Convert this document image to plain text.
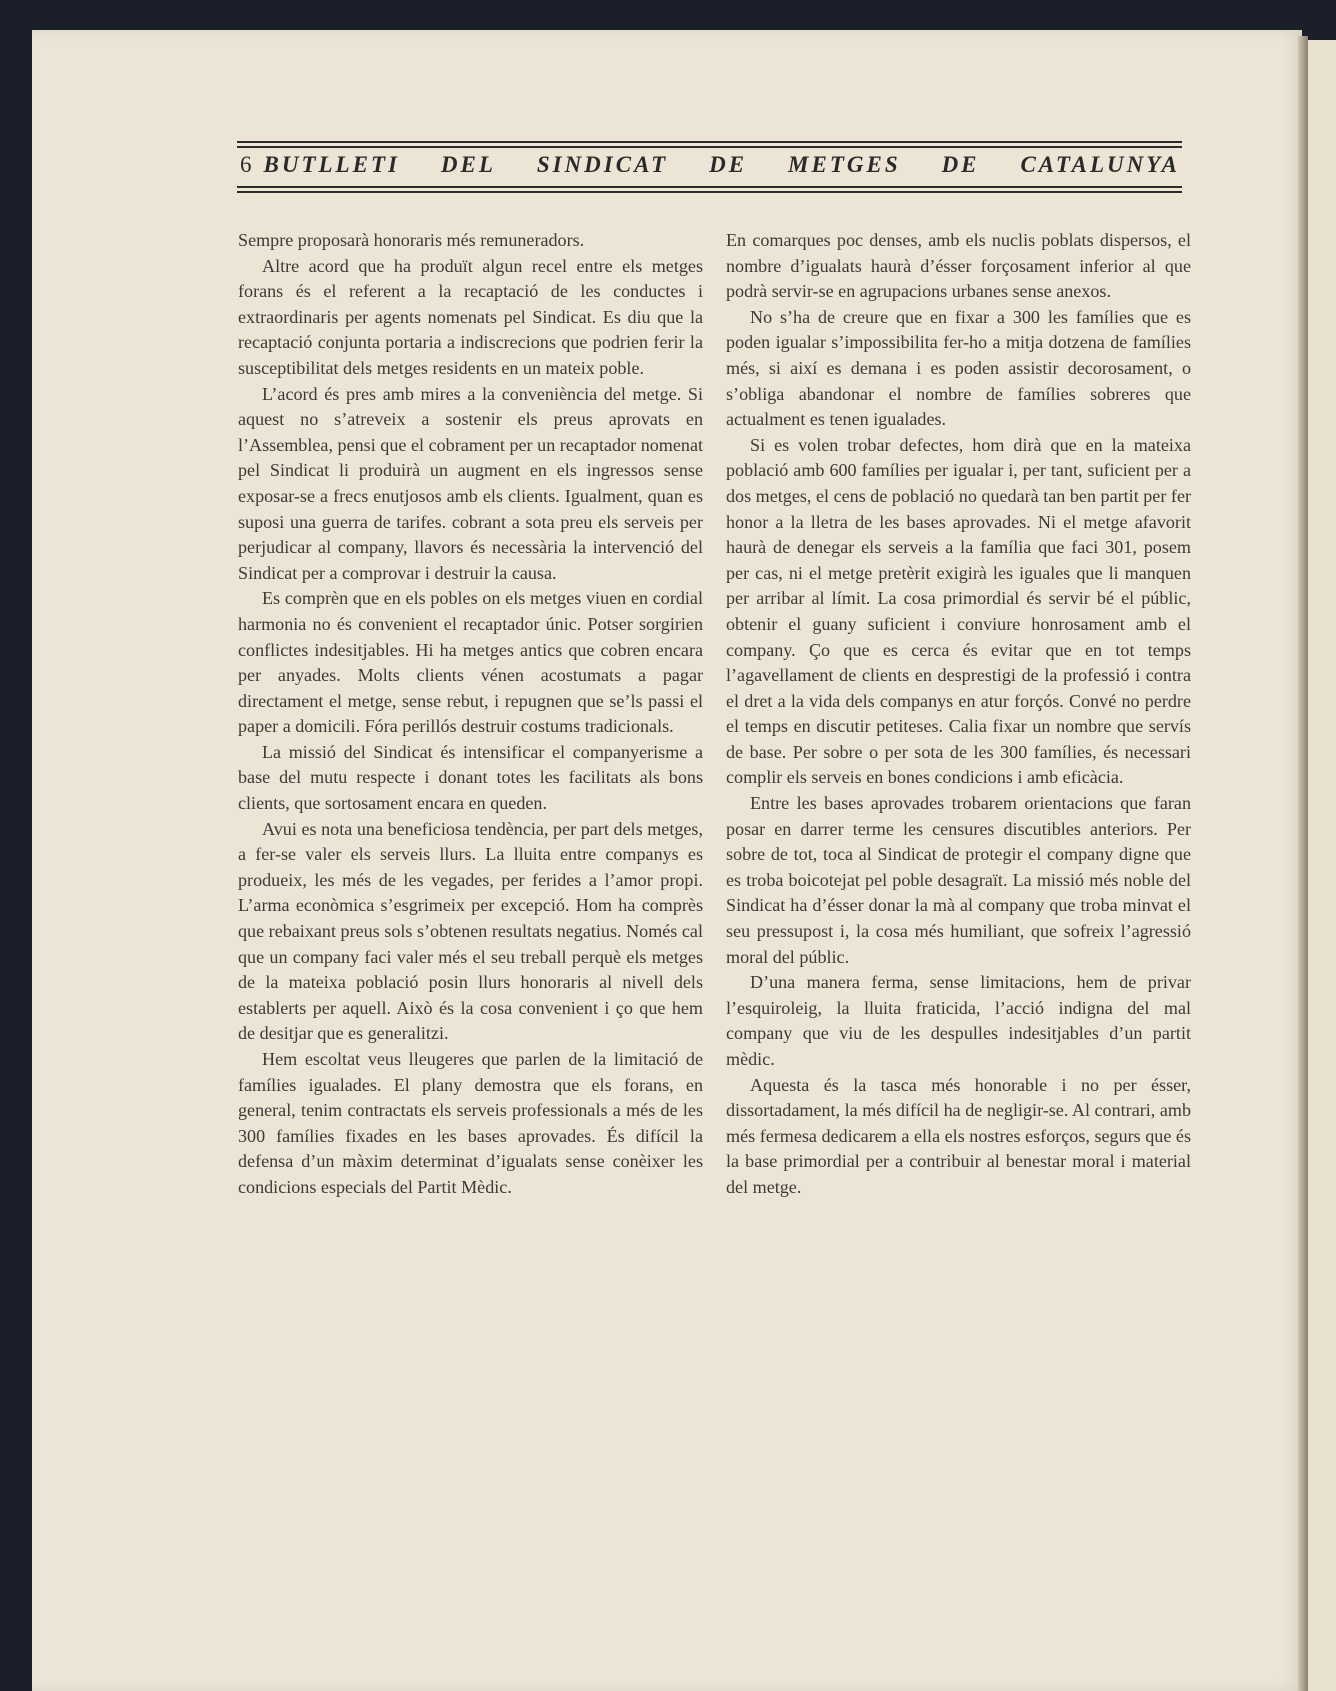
6 BUTLLETI DEL SINDICAT DE METGES DE CATALUNYA

Sempre proposarà honoraris més remuneradors.

Altre acord que ha produït algun recel entre els metges forans és el referent a la recaptació de les conductes i extraordinaris per agents nomenats pel Sindicat. Es diu que la recaptació conjunta portaria a indiscrecions que podrien ferir la susceptibilitat dels metges residents en un mateix poble.

L’acord és pres amb mires a la conveniència del metge. Si aquest no s’atreveix a sostenir els preus aprovats en l’Assemblea, pensi que el cobrament per un recaptador nomenat pel Sindicat li produirà un augment en els ingressos sense exposar-se a frecs enutjosos amb els clients. Igualment, quan es suposi una guerra de tarifes. cobrant a sota preu els serveis per perjudicar al company, llavors és necessària la intervenció del Sindicat per a comprovar i destruir la causa.

Es comprèn que en els pobles on els metges viuen en cordial harmonia no és convenient el recaptador únic. Potser sorgirien conflictes indesitjables. Hi ha metges antics que cobren encara per anyades. Molts clients vénen acostumats a pagar directament el metge, sense rebut, i repugnen que se’ls passi el paper a domicili. Fóra perillós destruir costums tradicionals.

La missió del Sindicat és intensificar el companyerisme a base del mutu respecte i donant totes les facilitats als bons clients, que sortosament encara en queden.

Avui es nota una beneficiosa tendència, per part dels metges, a fer-se valer els serveis llurs. La lluita entre companys es produeix, les més de les vegades, per ferides a l’amor propi. L’arma econòmica s’esgrimeix per excepció. Hom ha comprès que rebaixant preus sols s’obtenen resultats negatius. Només cal que un company faci valer més el seu treball perquè els metges de la mateixa població posin llurs honoraris al nivell dels establerts per aquell. Això és la cosa convenient i ço que hem de desitjar que es generalitzi.

Hem escoltat veus lleugeres que parlen de la limitació de famílies igualades. El plany demostra que els forans, en general, tenim contractats els serveis professionals a més de les 300 famílies fixades en les bases aprovades. És difícil la defensa d’un màxim determinat d’igualats sense conèixer les condicions especials del Partit Mèdic.

En comarques poc denses, amb els nuclis poblats dispersos, el nombre d’igualats haurà d’ésser forçosament inferior al que podrà servir-se en agrupacions urbanes sense anexos.

No s’ha de creure que en fixar a 300 les famílies que es poden igualar s’impossibilita fer-ho a mitja dotzena de famílies més, si així es demana i es poden assistir decorosament, o s’obliga abandonar el nombre de famílies sobreres que actualment es tenen igualades.

Si es volen trobar defectes, hom dirà que en la mateixa població amb 600 famílies per igualar i, per tant, suficient per a dos metges, el cens de població no quedarà tan ben partit per fer honor a la lletra de les bases aprovades. Ni el metge afavorit haurà de denegar els serveis a la família que faci 301, posem per cas, ni el metge pretèrit exigirà les iguales que li manquen per arribar al límit. La cosa primordial és servir bé el públic, obtenir el guany suficient i conviure honrosament amb el company. Ço que es cerca és evitar que en tot temps l’agavellament de clients en desprestigi de la professió i contra el dret a la vida dels companys en atur forçós. Convé no perdre el temps en discutir petiteses. Calia fixar un nombre que servís de base. Per sobre o per sota de les 300 famílies, és necessari complir els serveis en bones condicions i amb eficàcia.

Entre les bases aprovades trobarem orientacions que faran posar en darrer terme les censures discutibles anteriors. Per sobre de tot, toca al Sindicat de protegir el company digne que es troba boicotejat pel poble desagraït. La missió més noble del Sindicat ha d’ésser donar la mà al company que troba minvat el seu pressupost i, la cosa més humiliant, que sofreix l’agressió moral del públic.

D’una manera ferma, sense limitacions, hem de privar l’esquiroleig, la lluita fraticida, l’acció indigna del mal company que viu de les despulles indesitjables d’un partit mèdic.

Aquesta és la tasca més honorable i no per ésser, dissortadament, la més difícil ha de negligir-se. Al contrari, amb més fermesa dedicarem a ella els nostres esforços, segurs que és la base primordial per a contribuir al benestar moral i material del metge.
